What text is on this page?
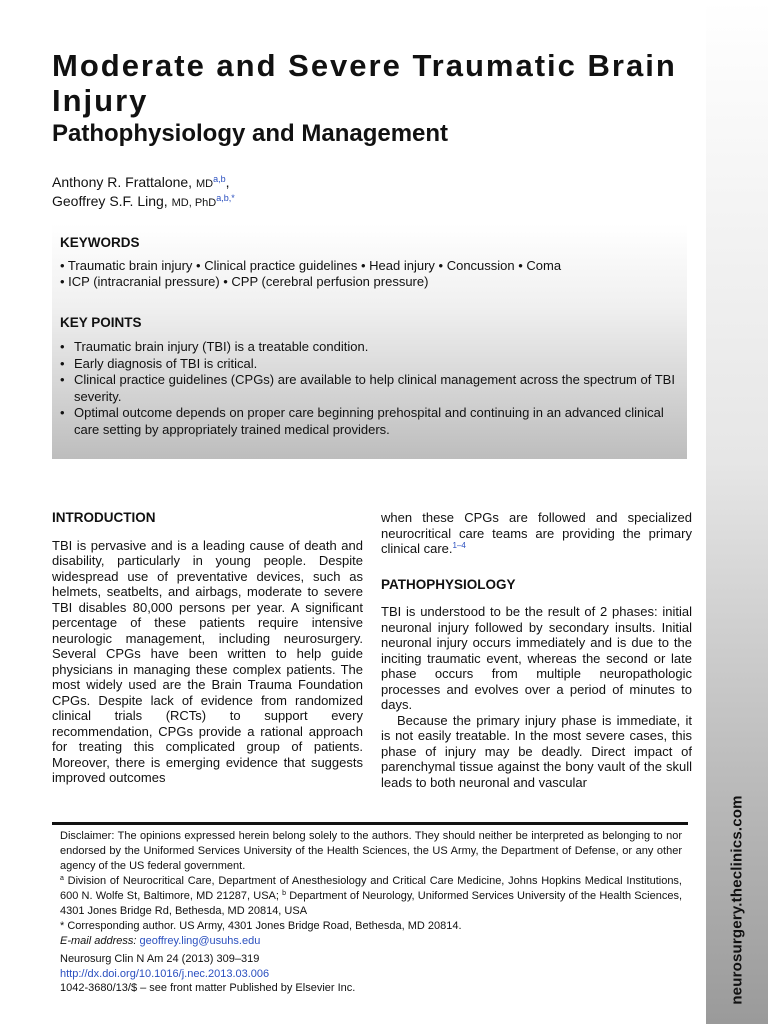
neurosurgery.theclinics.com
Moderate and Severe Traumatic Brain Injury
Pathophysiology and Management
Anthony R. Frattalone, MD$^{a,b}$,
Geoffrey S.F. Ling, MD, PhD$^{a,b,*}$
KEYWORDS
• Traumatic brain injury • Clinical practice guidelines • Head injury • Concussion • Coma
• ICP (intracranial pressure) • CPP (cerebral perfusion pressure)
KEY POINTS
• Traumatic brain injury (TBI) is a treatable condition.
• Early diagnosis of TBI is critical.
• Clinical practice guidelines (CPGs) are available to help clinical management across the spectrum of TBI severity.
• Optimal outcome depends on proper care beginning prehospital and continuing in an advanced clinical care setting by appropriately trained medical providers.
INTRODUCTION

TBI is pervasive and is a leading cause of death and disability, particularly in young people. Despite widespread use of preventative devices, such as helmets, seatbelts, and airbags, moderate to severe TBI disables 80,000 persons per year. A significant percentage of these patients require intensive neurologic management, including neurosurgery. Several CPGs have been written to help guide physicians in managing these complex patients. The most widely used are the Brain Trauma Foundation CPGs. Despite lack of evidence from randomized clinical trials (RCTs) to support every recommendation, CPGs provide a rational approach for treating this complicated group of patients. Moreover, there is emerging evidence that suggests improved outcomes

when these CPGs are followed and specialized neurocritical care teams are providing the primary clinical care.$^{1-4}$

PATHOPHYSIOLOGY

TBI is understood to be the result of 2 phases: initial neuronal injury followed by secondary insults. Initial neuronal injury occurs immediately and is due to the inciting traumatic event, whereas the second or late phase occurs from multiple neuropathologic processes and evolves over a period of minutes to days.

Because the primary injury phase is immediate, it is not easily treatable. In the most severe cases, this phase of injury may be deadly. Direct impact of parenchymal tissue against the bony vault of the skull leads to both neuronal and vascular

Disclaimer: The opinions expressed herein belong solely to the authors. They should neither be interpreted as belonging to nor endorsed by the Uniformed Services University of the Health Sciences, the US Army, the Department of Defense, or any other agency of the US federal government.

$^a$ Division of Neurocritical Care, Department of Anesthesiology and Critical Care Medicine, Johns Hopkins Medical Institutions, 600 N. Wolfe St, Baltimore, MD 21287, USA; $^b$ Department of Neurology, Uniformed Services University of the Health Sciences, 4301 Jones Bridge Rd, Bethesda, MD 20814, USA

* Corresponding author. US Army, 4301 Jones Bridge Road, Bethesda, MD 20814.

E-mail address: geoffrey.ling@usuhs.edu

Neurosurg Clin N Am 24 (2013) 309–319
http://dx.doi.org/10.1016/j.nec.2013.03.006
1042-3680/13/$ – see front matter Published by Elsevier Inc.
